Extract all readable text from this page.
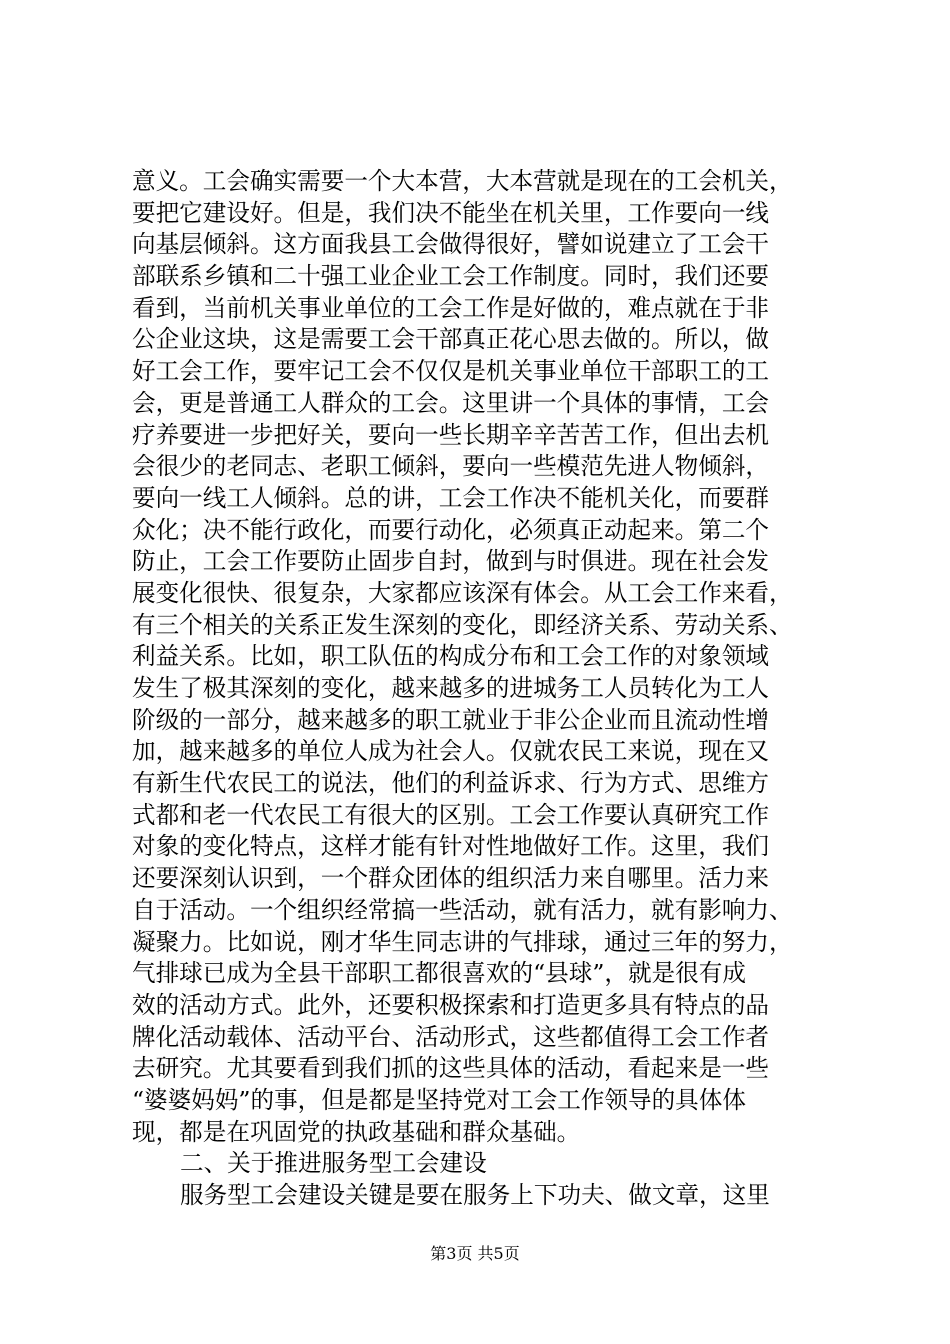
意义。工会确实需要一个大本营，大本营就是现在的工会机关，
要把它建设好。但是，我们决不能坐在机关里，工作要向一线
向基层倾斜。这方面我县工会做得很好，譬如说建立了工会干
部联系乡镇和二十强工业企业工会工作制度。同时，我们还要
看到，当前机关事业单位的工会工作是好做的，难点就在于非
公企业这块，这是需要工会干部真正花心思去做的。所以，做
好工会工作，要牢记工会不仅仅是机关事业单位干部职工的工
会，更是普通工人群众的工会。这里讲一个具体的事情，工会
疗养要进一步把好关，要向一些长期辛辛苦苦工作，但出去机
会很少的老同志、老职工倾斜，要向一些模范先进人物倾斜，
要向一线工人倾斜。总的讲，工会工作决不能机关化，而要群
众化；决不能行政化，而要行动化，必须真正动起来。第二个
防止，工会工作要防止固步自封，做到与时俱进。现在社会发
展变化很快、很复杂，大家都应该深有体会。从工会工作来看，
有三个相关的关系正发生深刻的变化，即经济关系、劳动关系、
利益关系。比如，职工队伍的构成分布和工会工作的对象领域
发生了极其深刻的变化，越来越多的进城务工人员转化为工人
阶级的一部分，越来越多的职工就业于非公企业而且流动性增
加，越来越多的单位人成为社会人。仅就农民工来说，现在又
有新生代农民工的说法，他们的利益诉求、行为方式、思维方
式都和老一代农民工有很大的区别。工会工作要认真研究工作
对象的变化特点，这样才能有针对性地做好工作。这里，我们
还要深刻认识到，一个群众团体的组织活力来自哪里。活力来
自于活动。一个组织经常搞一些活动，就有活力，就有影响力、
凝聚力。比如说，刚才华生同志讲的气排球，通过三年的努力，
气排球已成为全县干部职工都很喜欢的“县球”，就是很有成
效的活动方式。此外，还要积极探索和打造更多具有特点的品
牌化活动载体、活动平台、活动形式，这些都值得工会工作者
去研究。尤其要看到我们抓的这些具体的活动，看起来是一些
“婆婆妈妈”的事，但是都是坚持党对工会工作领导的具体体
现，都是在巩固党的执政基础和群众基础。
二、关于推进服务型工会建设
服务型工会建设关键是要在服务上下功夫、做文章，这里
第3页 共5页
